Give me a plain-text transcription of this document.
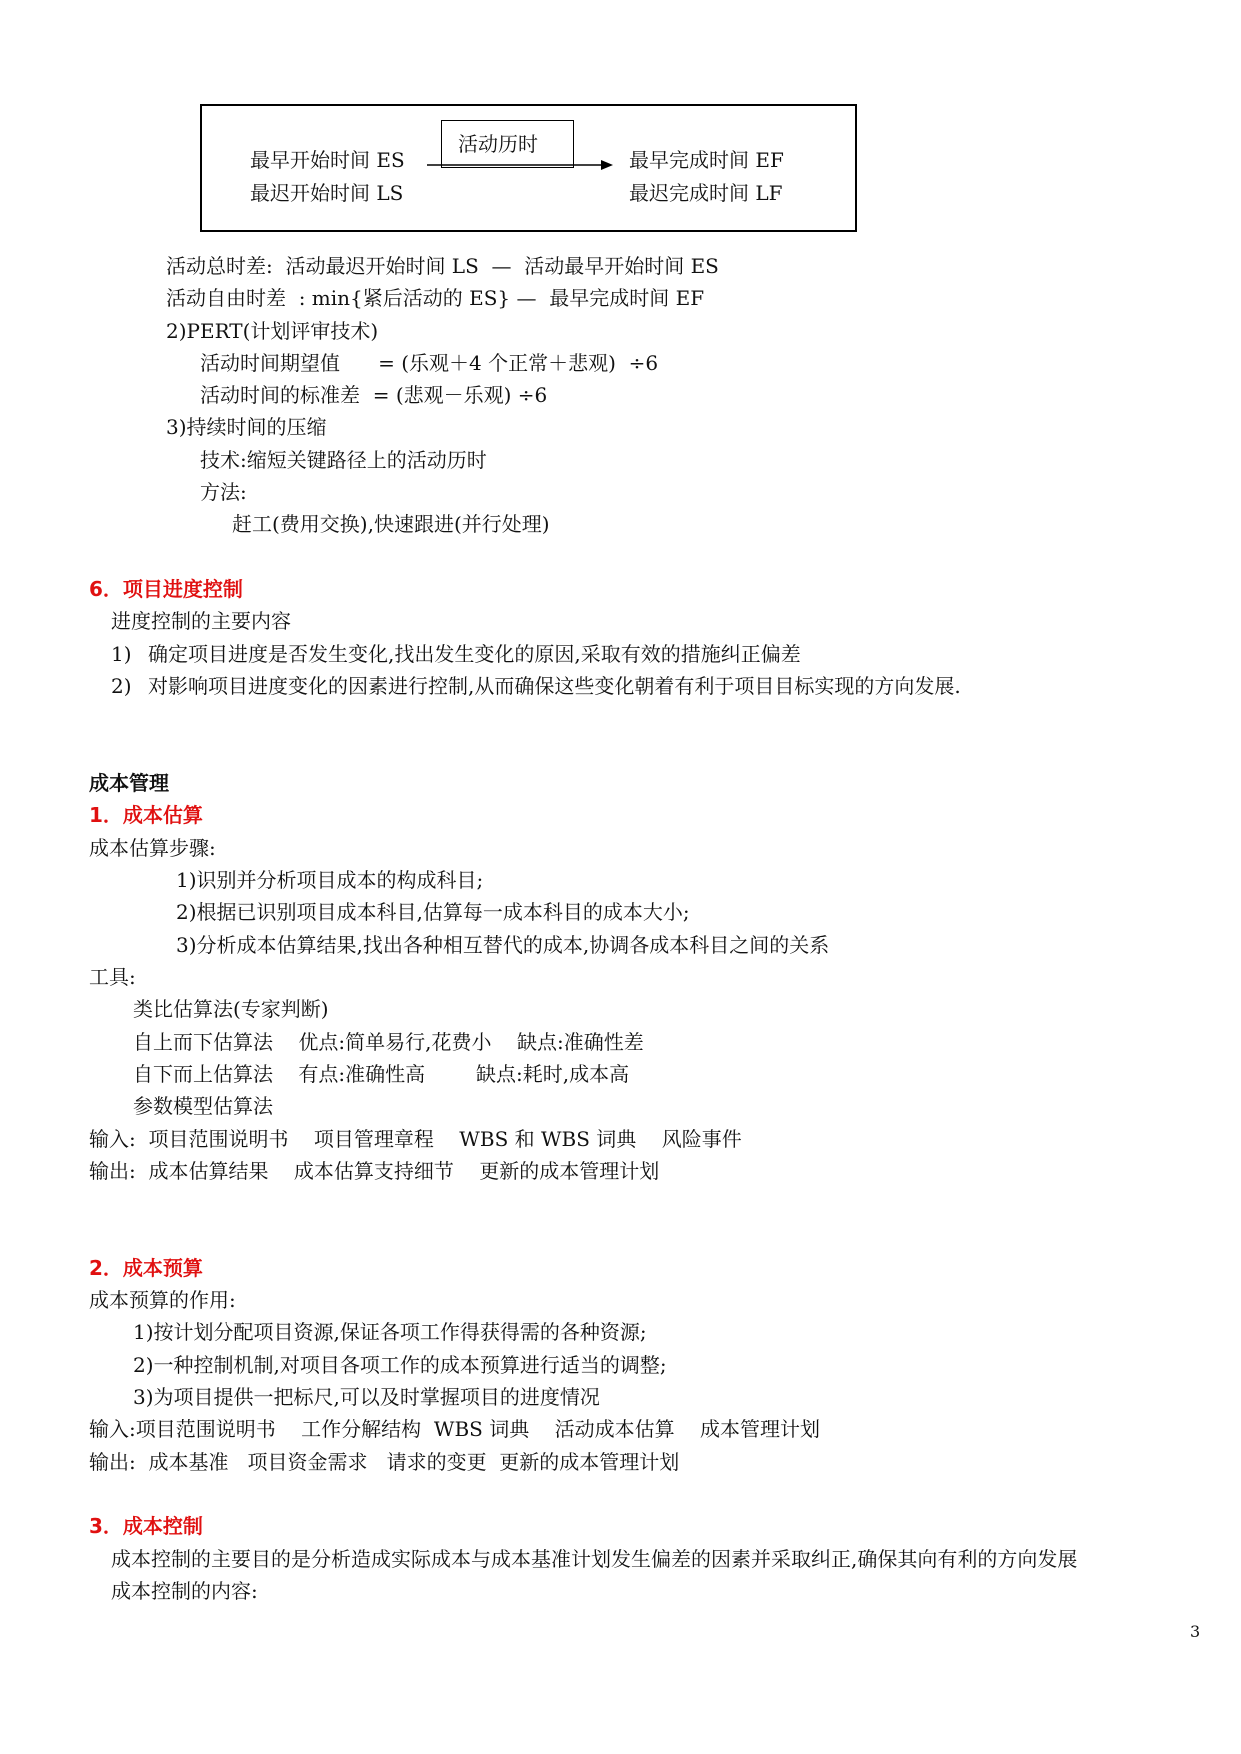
活动历时
最早开始时间 ES
最迟开始时间 LS
最早完成时间 EF
最迟完成时间 LF
活动总时差:  活动最迟开始时间 LS  —  活动最早开始时间 ES
活动自由时差  : min{紧后活动的 ES} —  最早完成时间 EF
2)PERT(计划评审技术)
活动时间期望值      = (乐观＋4 个正常＋悲观)  ÷6
活动时间的标准差  = (悲观－乐观) ÷6
3)持续时间的压缩
技术:缩短关键路径上的活动历时
方法:
赶工(费用交换),快速跟进(并行处理)
6．项目进度控制
进度控制的主要内容
1) 确定项目进度是否发生变化,找出发生变化的原因,采取有效的措施纠正偏差
2) 对影响项目进度变化的因素进行控制,从而确保这些变化朝着有利于项目目标实现的方向发展.
成本管理
1．成本估算
成本估算步骤:
1)识别并分析项目成本的构成科目;
2)根据已识别项目成本科目,估算每一成本科目的成本大小;
3)分析成本估算结果,找出各种相互替代的成本,协调各成本科目之间的关系
工具:
类比估算法(专家判断)
自上而下估算法    优点:简单易行,花费小    缺点:准确性差
自下而上估算法    有点:准确性高        缺点:耗时,成本高
参数模型估算法
输入:  项目范围说明书    项目管理章程    WBS 和 WBS 词典    风险事件
输出:  成本估算结果    成本估算支持细节    更新的成本管理计划
2．成本预算
成本预算的作用:
1)按计划分配项目资源,保证各项工作得获得需的各种资源;
2)一种控制机制,对项目各项工作的成本预算进行适当的调整;
3)为项目提供一把标尺,可以及时掌握项目的进度情况
输入:项目范围说明书    工作分解结构  WBS 词典    活动成本估算    成本管理计划
输出:  成本基准   项目资金需求   请求的变更  更新的成本管理计划
3．成本控制
成本控制的主要目的是分析造成实际成本与成本基准计划发生偏差的因素并采取纠正,确保其向有利的方向发展
成本控制的内容:
3
